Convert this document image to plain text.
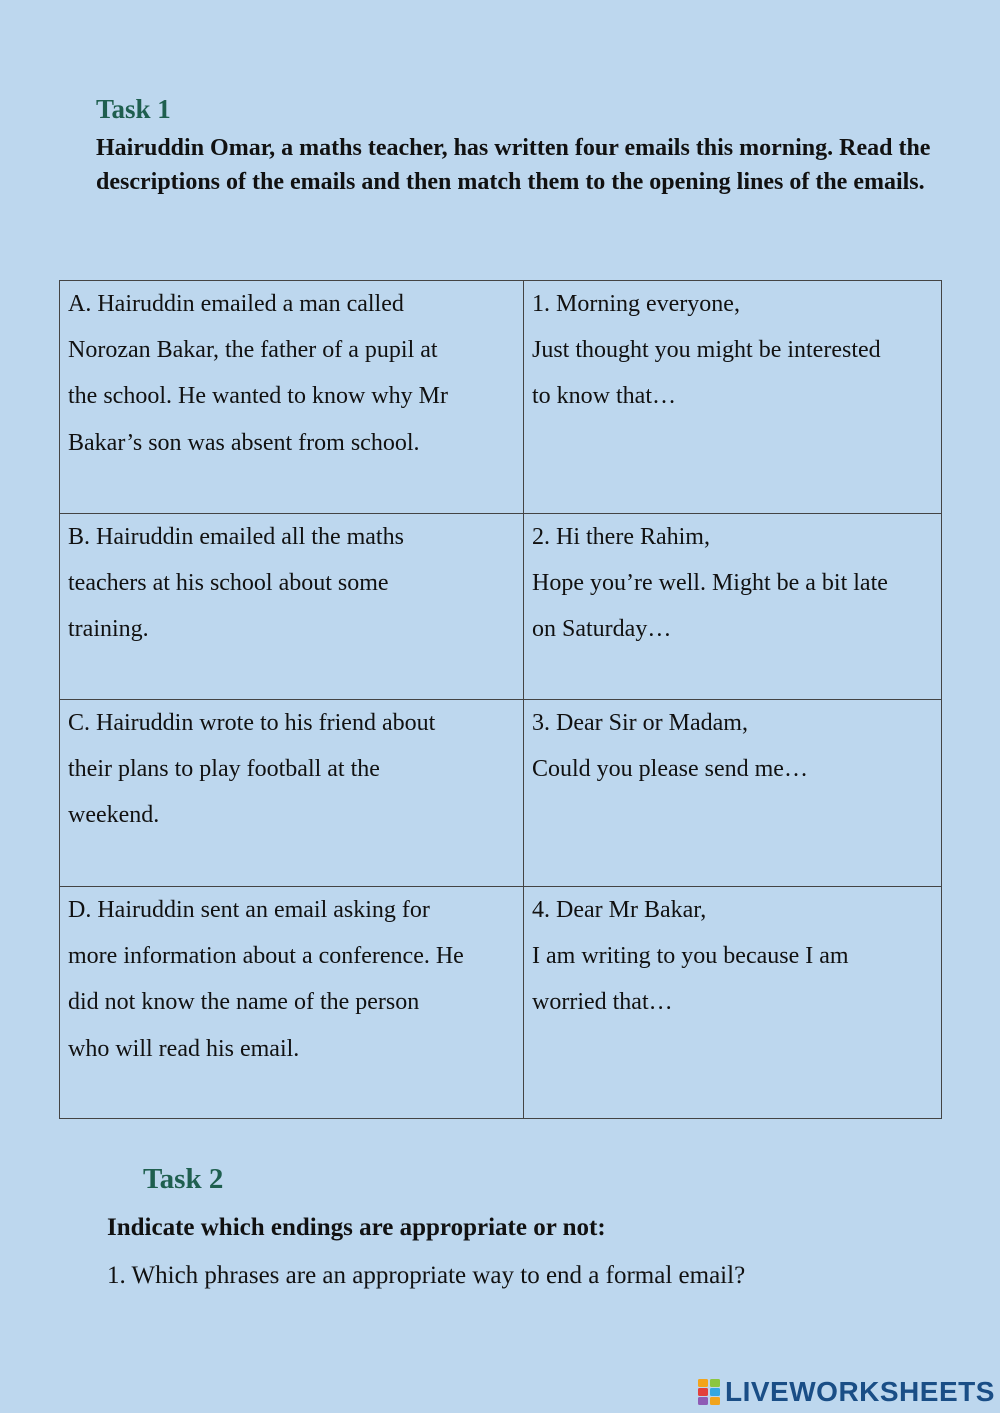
Task 1
Hairuddin Omar, a maths teacher, has written four emails this morning. Read the descriptions of the emails and then match them to the opening lines of the emails.
A. Hairuddin emailed a man called
Norozan Bakar, the father of a pupil at
the school. He wanted to know why Mr
Bakar’s son was absent from school.	1. Morning everyone,
Just thought you might be interested
to know that…

B. Hairuddin emailed all the maths
teachers at his school about some
training.	2. Hi there Rahim,
Hope you’re well. Might be a bit late
on Saturday…

C. Hairuddin wrote to his friend about
their plans to play football at the
weekend.	3. Dear Sir or Madam,
Could you please send me…

D. Hairuddin sent an email asking for
more information about a conference. He
did not know the name of the person
who will read his email.	4. Dear Mr Bakar,
I am writing to you because I am
worried that…
Task 2
Indicate which endings are appropriate or not:
1. Which phrases are an appropriate way to end a formal email?
LIVEWORKSHEETS
